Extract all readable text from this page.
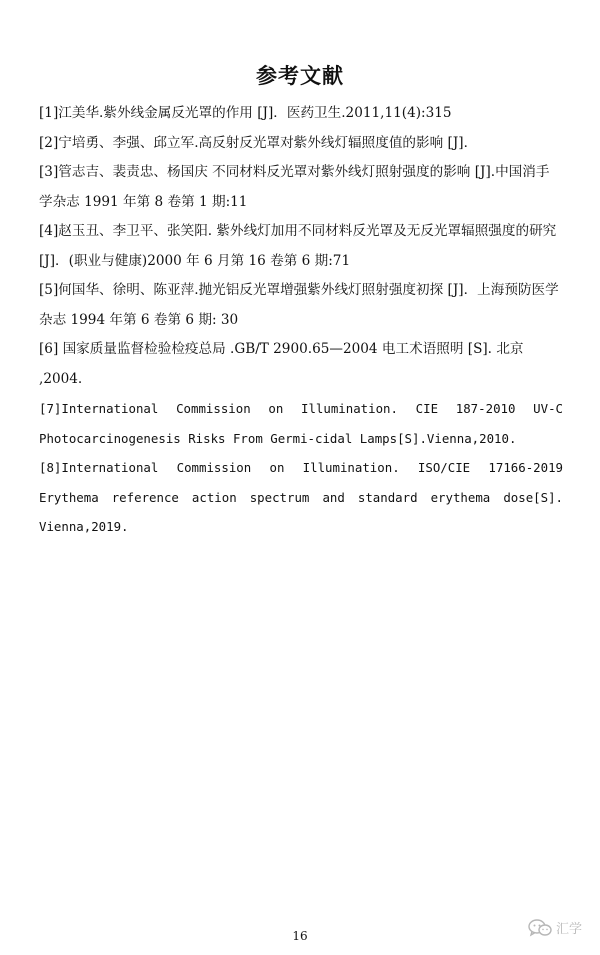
参考文献
[1]江美华.紫外线金属反光罩的作用 [J]．医药卫生.2011,11(4):315
[2]宁培勇、李强、邱立军.高反射反光罩对紫外线灯辐照度值的影响 [J]．
[3]管志吉、裴责忠、杨国庆 不同材料反光罩对紫外线灯照射强度的影响 [J].中国消手学杂志 1991 年第 8 卷第 1 期:11
[4]赵玉丑、李卫平、张笑阳. 紫外线灯加用不同材料反光罩及无反光罩辐照强度的研究 [J]．(职业与健康)2000 年 6 月第 16 卷第 6 期:71
[5]何国华、徐明、陈亚萍.抛光铝反光罩增强紫外线灯照射强度初探 [J]．上海预防医学杂志 1994 年第 6 卷第 6 期: 30
[6] 国家质量监督检验检疫总局 .GB/T 2900.65—2004 电工术语照明 [S]. 北京 ,2004.
[7]International Commission on Illumination. CIE 187-2010 UV-C Photocarcinogenesis Risks From Germi-cidal Lamps[S].Vienna,2010.
[8]International Commission on Illumination. ISO/CIE 17166-2019 Erythema reference action spectrum and standard erythema dose[S]. Vienna,2019.
16	汇学
